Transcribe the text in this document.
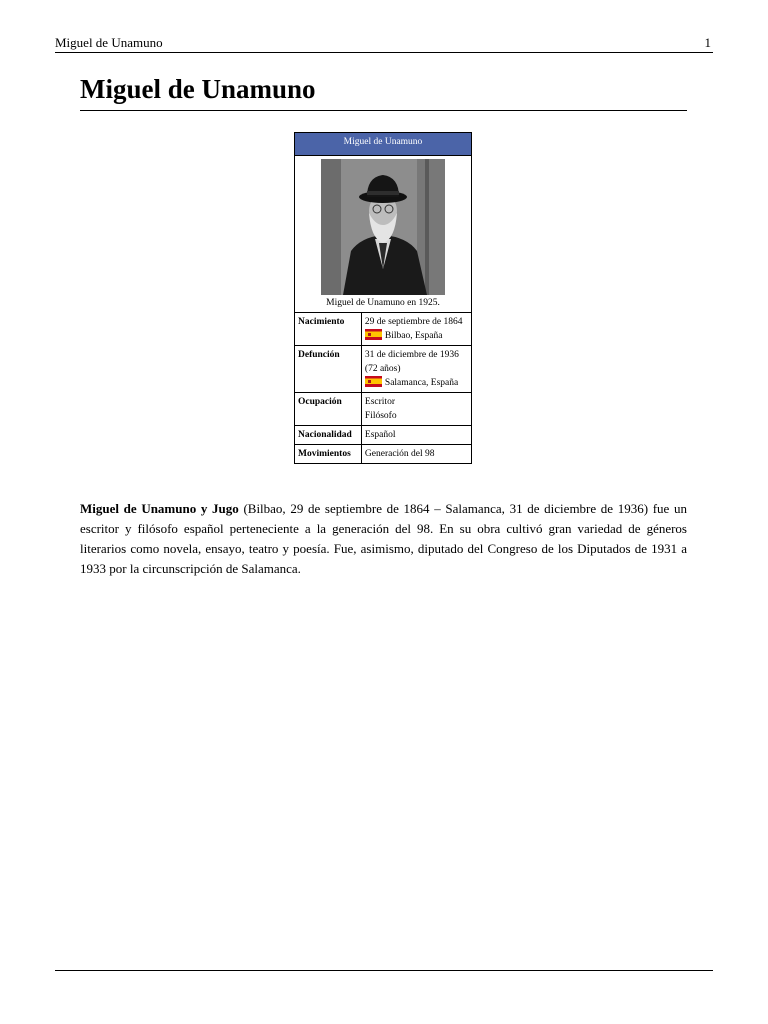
Miguel de Unamuno	1
Miguel de Unamuno
Miguel de Unamuno	

Miguel de Unamuno en 1925.	

Nacimiento	29 de septiembre de 1864
Bilbao, España

Defunción	31 de diciembre de 1936
(72 años)
Salamanca, España

Ocupación	Escritor
Filósofo

Nacionalidad	Español
Movimientos	Generación del 98

Miguel de Unamuno y Jugo (Bilbao, 29 de septiembre de 1864 – Salamanca, 31 de diciembre de 1936) fue un escritor y filósofo español perteneciente a la generación del 98. En su obra cultivó gran variedad de géneros literarios como novela, ensayo, teatro y poesía. Fue, asimismo, diputado del Congreso de los Diputados de 1931 a 1933 por la circunscripción de Salamanca.
